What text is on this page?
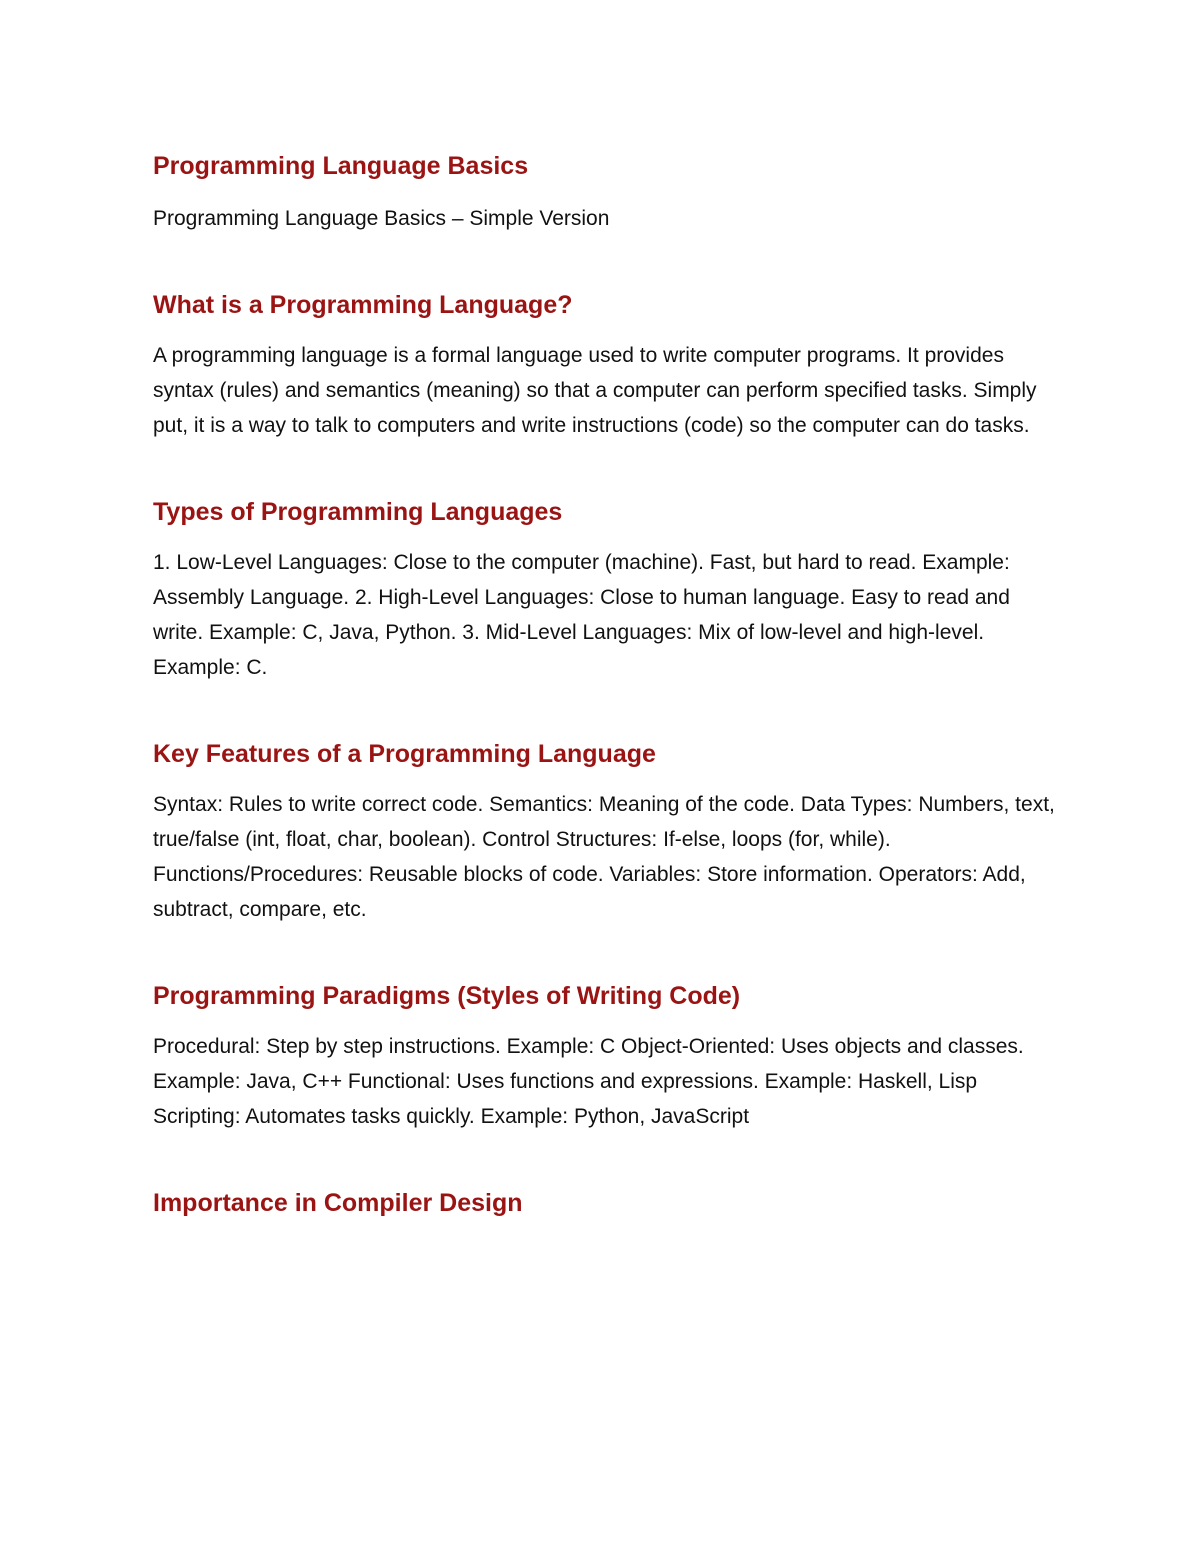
Programming Language Basics

Programming Language Basics – Simple Version

What is a Programming Language?

A programming language is a formal language used to write computer programs. It provides syntax (rules) and semantics (meaning) so that a computer can perform specified tasks. Simply put, it is a way to talk to computers and write instructions (code) so the computer can do tasks.

Types of Programming Languages

1. Low-Level Languages: Close to the computer (machine). Fast, but hard to read. Example: Assembly Language. 2. High-Level Languages: Close to human language. Easy to read and write. Example: C, Java, Python. 3. Mid-Level Languages: Mix of low-level and high-level. Example: C.

Key Features of a Programming Language

Syntax: Rules to write correct code. Semantics: Meaning of the code. Data Types: Numbers, text, true/false (int, float, char, boolean). Control Structures: If-else, loops (for, while). Functions/Procedures: Reusable blocks of code. Variables: Store information. Operators: Add, subtract, compare, etc.

Programming Paradigms (Styles of Writing Code)

Procedural: Step by step instructions. Example: C Object-Oriented: Uses objects and classes. Example: Java, C++ Functional: Uses functions and expressions. Example: Haskell, Lisp Scripting: Automates tasks quickly. Example: Python, JavaScript

Importance in Compiler Design
